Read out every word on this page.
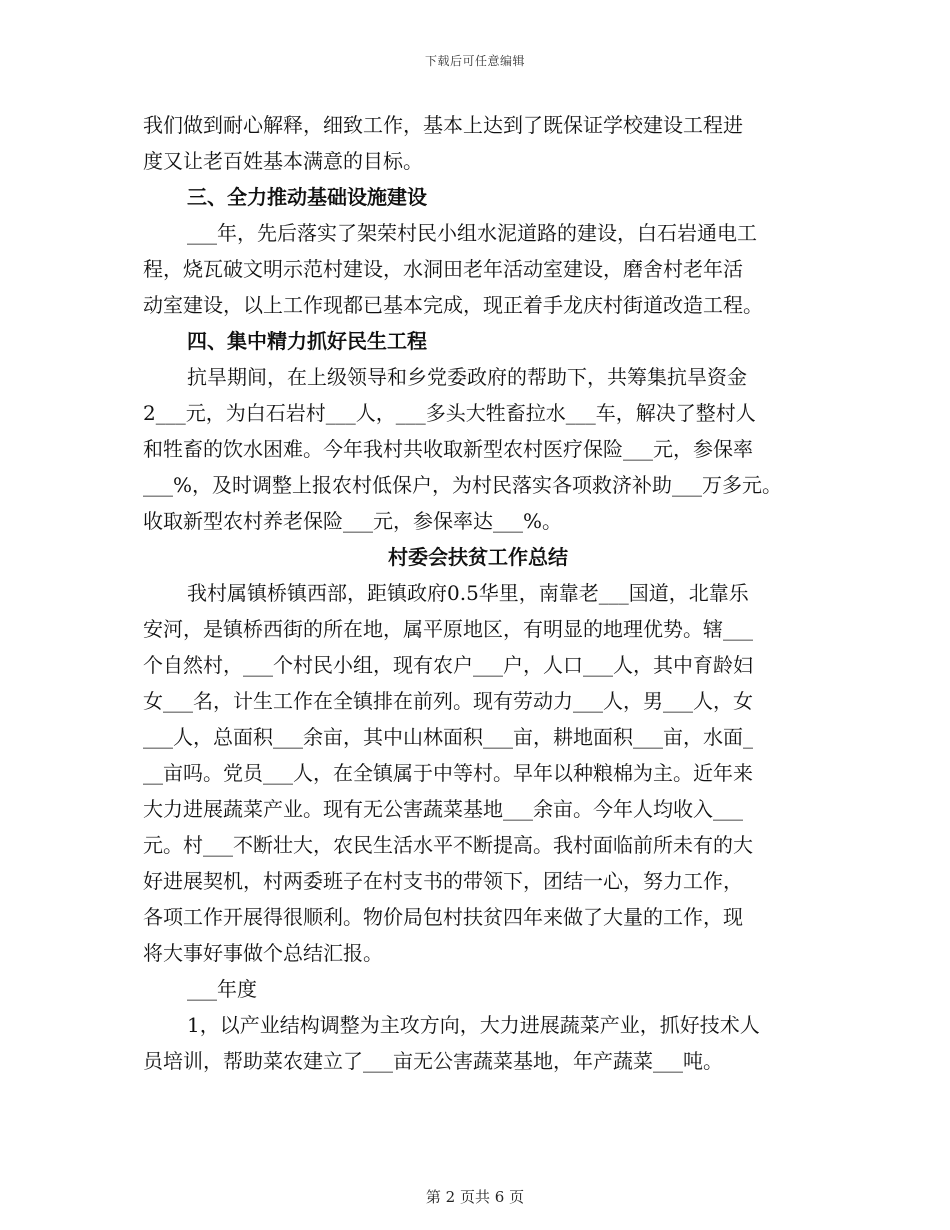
下载后可任意编辑
我们做到耐心解释，细致工作，基本上达到了既保证学校建设工程进
度又让老百姓基本满意的目标。
三、全力推动基础设施建设
___年，先后落实了架荣村民小组水泥道路的建设，白石岩通电工
程，烧瓦破文明示范村建设，水洞田老年活动室建设，磨舍村老年活
动室建设，以上工作现都已基本完成，现正着手龙庆村街道改造工程。
四、集中精力抓好民生工程
抗旱期间，在上级领导和乡党委政府的帮助下，共筹集抗旱资金
2___元，为白石岩村___人，___多头大牲畜拉水___车，解决了整村人
和牲畜的饮水困难。今年我村共收取新型农村医疗保险___元，参保率
___%，及时调整上报农村低保户，为村民落实各项救济补助___万多元。
收取新型农村养老保险___元，参保率达___%。
村委会扶贫工作总结
我村属镇桥镇西部，距镇政府0.5华里，南靠老___国道，北靠乐
安河，是镇桥西街的所在地，属平原地区，有明显的地理优势。辖___
个自然村，___个村民小组，现有农户___户，人口___人，其中育龄妇
女___名，计生工作在全镇排在前列。现有劳动力___人，男___人，女
___人，总面积___余亩，其中山林面积___亩，耕地面积___亩，水面_
__亩吗。党员___人，在全镇属于中等村。早年以种粮棉为主。近年来
大力进展蔬菜产业。现有无公害蔬菜基地___余亩。今年人均收入___
元。村___不断壮大，农民生活水平不断提高。我村面临前所未有的大
好进展契机，村两委班子在村支书的带领下，团结一心，努力工作，
各项工作开展得很顺利。物价局包村扶贫四年来做了大量的工作，现
将大事好事做个总结汇报。
___年度
1，以产业结构调整为主攻方向，大力进展蔬菜产业，抓好技术人
员培训，帮助菜农建立了___亩无公害蔬菜基地，年产蔬菜___吨。
第 2 页共 6 页
